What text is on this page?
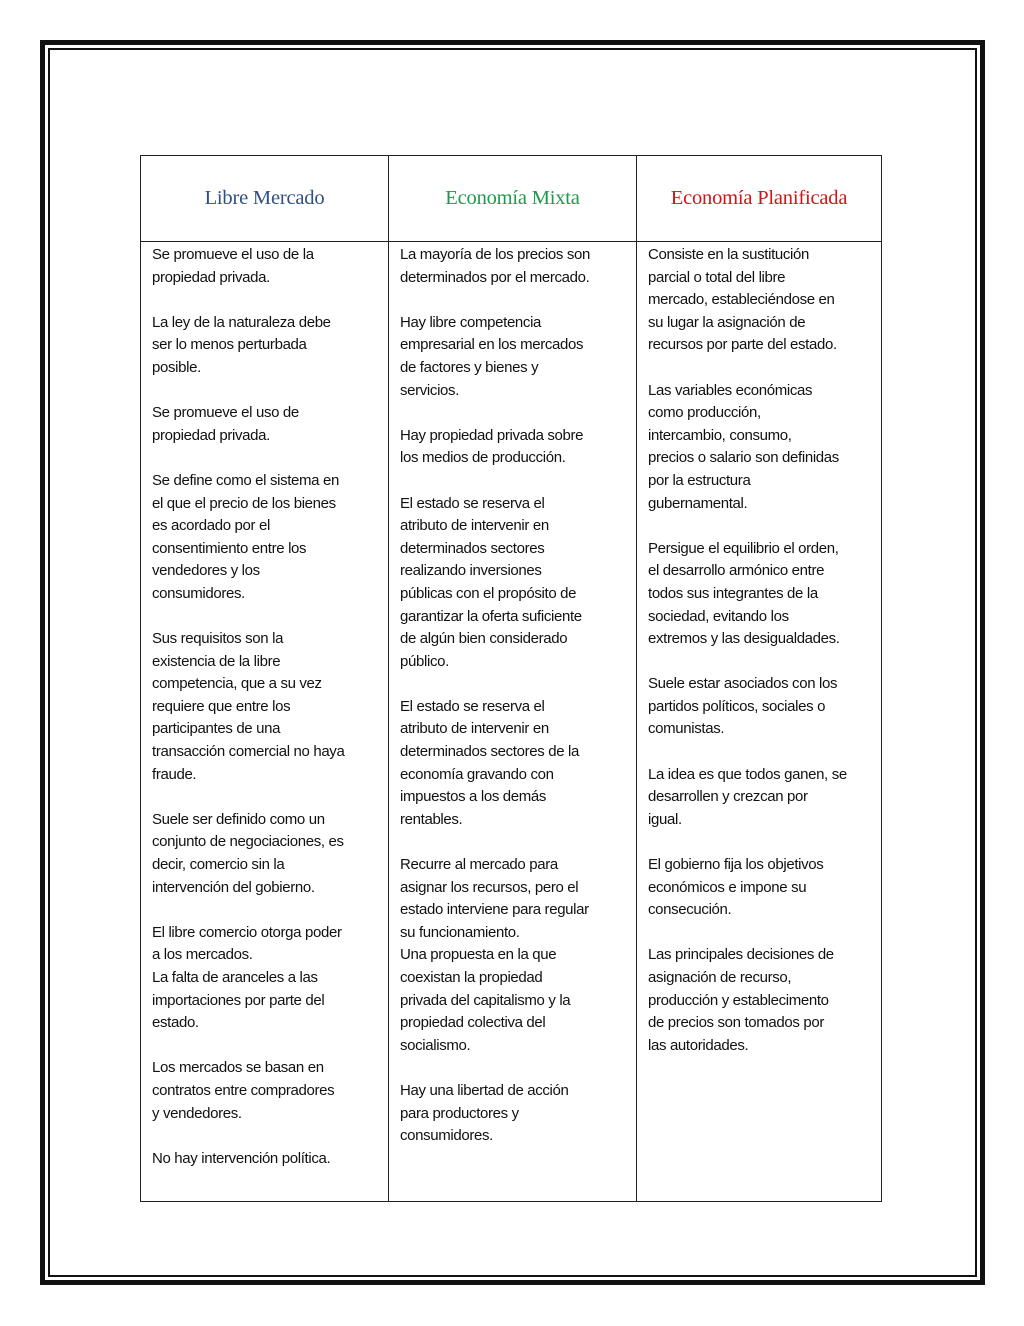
Libre Mercado	Economía Mixta	Economía Planificada

Se promueve el uso de la
propiedad privada.

La ley de la naturaleza debe
ser lo menos perturbada
posible.

Se promueve el uso de
propiedad privada.

Se define como el sistema en
el que el precio de los bienes
es acordado por el
consentimiento entre los
vendedores y los
consumidores.

Sus requisitos son la
existencia de la libre
competencia, que a su vez
requiere que entre los
participantes de una
transacción comercial no haya
fraude.

Suele ser definido como un
conjunto de negociaciones, es
decir, comercio sin la
intervención del gobierno.

El libre comercio otorga poder
a los mercados.

La falta de aranceles a las
importaciones por parte del
estado.

Los mercados se basan en
contratos entre compradores
y vendedores.

No hay intervención política.

La mayoría de los precios son
determinados por el mercado.

Hay libre competencia
empresarial en los mercados
de factores y bienes y
servicios.

Hay propiedad privada sobre
los medios de producción.

El estado se reserva el
atributo de intervenir en
determinados sectores
realizando inversiones
públicas con el propósito de
garantizar la oferta suficiente
de algún bien considerado
público.

El estado se reserva el
atributo de intervenir en
determinados sectores de la
economía gravando con
impuestos a los demás
rentables.

Recurre al mercado para
asignar los recursos, pero el
estado interviene para regular
su funcionamiento.

Una propuesta en la que
coexistan la propiedad
privada del capitalismo y la
propiedad colectiva del
socialismo.

Hay una libertad de acción
para productores y
consumidores.

Consiste en la sustitución
parcial o total del libre
mercado, estableciéndose en
su lugar la asignación de
recursos por parte del estado.

Las variables económicas
como producción,
intercambio, consumo,
precios o salario son definidas
por la estructura
gubernamental.

Persigue el equilibrio el orden,
el desarrollo armónico entre
todos sus integrantes de la
sociedad, evitando los
extremos y las desigualdades.

Suele estar asociados con los
partidos políticos, sociales o
comunistas.

La idea es que todos ganen, se
desarrollen y crezcan por
igual.

El gobierno fija los objetivos
económicos e impone su
consecución.

Las principales decisiones de
asignación de recurso,
producción y establecimento
de precios son tomados por
las autoridades.
